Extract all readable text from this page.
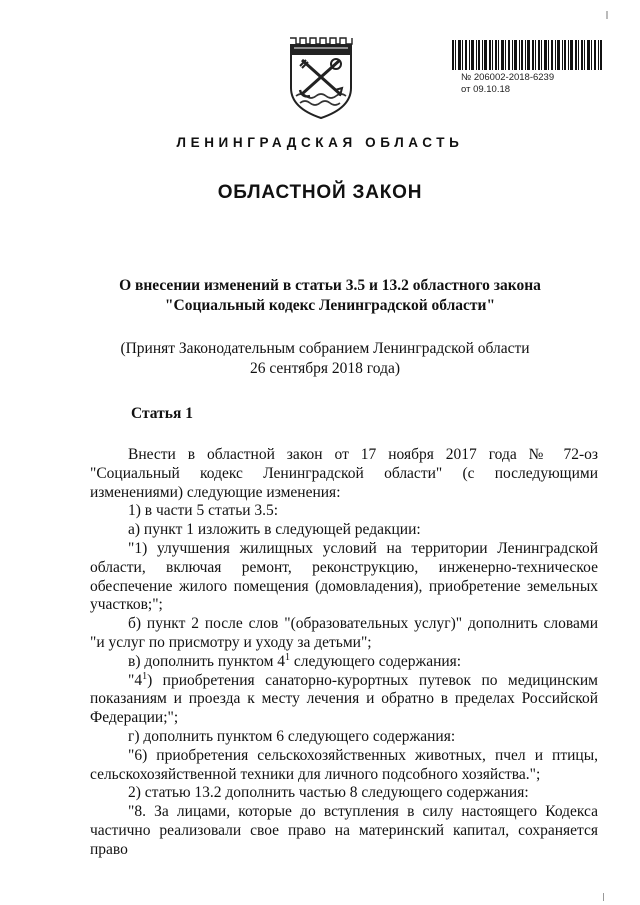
№ 206002-2018-6239
от 09.10.18
ЛЕНИНГРАДСКАЯ ОБЛАСТЬ
ОБЛАСТНОЙ ЗАКОН
О внесении изменений в статьи 3.5 и 13.2 областного закона
"Социальный кодекс Ленинградской области"
(Принят Законодательным собранием Ленинградской области
26 сентября 2018 года)
Статья 1

Внести в областной закон от 17 ноября 2017 года № 72-оз "Социальный кодекс Ленинградской области" (с последующими изменениями) следующие изменения:

1) в части 5 статьи 3.5:

а) пункт 1 изложить в следующей редакции:

"1) улучшения жилищных условий на территории Ленинградской области, включая ремонт, реконструкцию, инженерно-техническое обеспечение жилого помещения (домовладения), приобретение земельных участков;";

б) пункт 2 после слов "(образовательных услуг)" дополнить словами "и услуг по присмотру и уходу за детьми";

в) дополнить пунктом $4^1$ следующего содержания:

"$4^1$) приобретения санаторно-курортных путевок по медицинским показаниям и проезда к месту лечения и обратно в пределах Российской Федерации;";

г) дополнить пунктом 6 следующего содержания:

"6) приобретения сельскохозяйственных животных, пчел и птицы, сельскохозяйственной техники для личного подсобного хозяйства.";

2) статью 13.2 дополнить частью 8 следующего содержания:

"8. За лицами, которые до вступления в силу настоящего Кодекса частично реализовали свое право на материнский капитал, сохраняется право
